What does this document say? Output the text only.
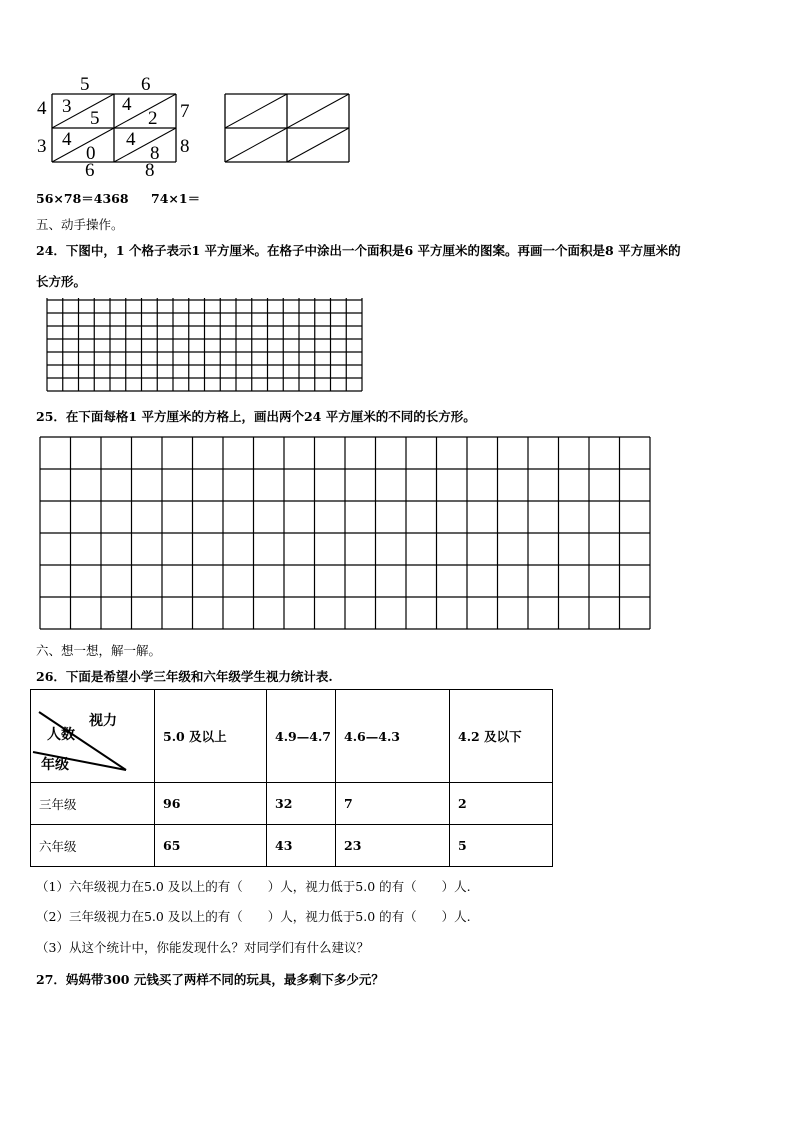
5	6
4
3
7
8
6	8
3
5
4
2
4
0
4
8
56×78＝4368 74×1＝
五、动手操作。
24．下图中，1 个格子表示1 平方厘米。在格子中涂出一个面积是6 平方厘米的图案。再画一个面积是8 平方厘米的
长方形。
25．在下面每格1 平方厘米的方格上，画出两个24 平方厘米的不同的长方形。
六、想一想，解一解。
26．下面是希望小学三年级和六年级学生视力统计表.
视力
人数
年级	5.0 及以上	4.9—4.7	4.6—4.3	4.2 及以下
三年级	96	32	7	2
六年级	65	43	23	5
（1）六年级视力在5.0 及以上的有（　　）人，视力低于5.0 的有（　　）人.
（2）三年级视力在5.0 及以上的有（　　）人，视力低于5.0 的有（　　）人.
（3）从这个统计中，你能发现什么？对同学们有什么建议？
27．妈妈带300 元钱买了两样不同的玩具，最多剩下多少元？
